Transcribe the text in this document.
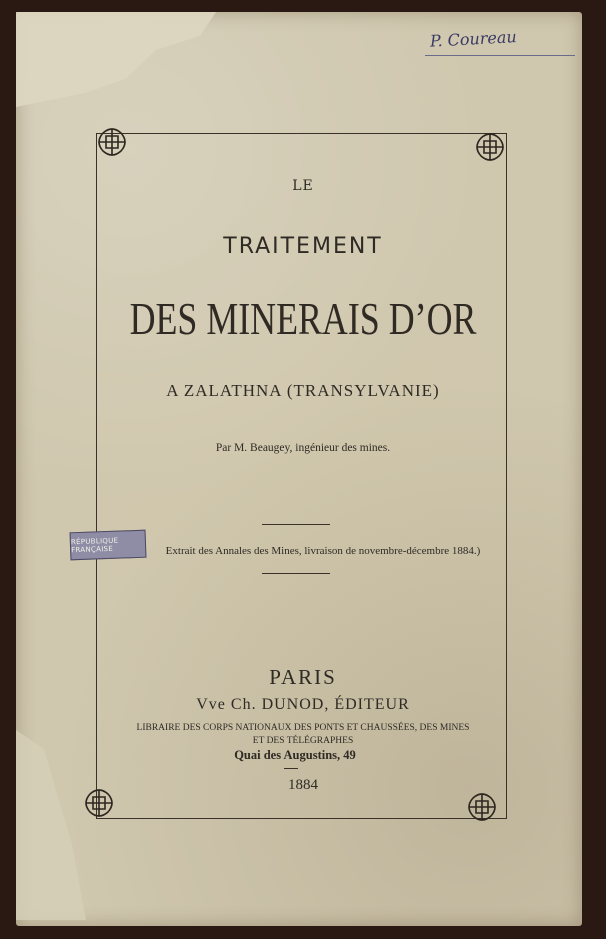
P. Coureau
LE
TRAITEMENT
DES MINERAIS D’OR
A ZALATHNA (TRANSYLVANIE)
Par M. Beaugey, ingénieur des mines.
Extrait des Annales des Mines, livraison de novembre-décembre 1884.)
RÉPUBLIQUE FRANÇAISE
PARIS
Vve Ch. DUNOD, ÉDITEUR
LIBRAIRE DES CORPS NATIONAUX DES PONTS ET CHAUSSÉES, DES MINES
ET DES TÉLÉGRAPHES
Quai des Augustins, 49
1884
